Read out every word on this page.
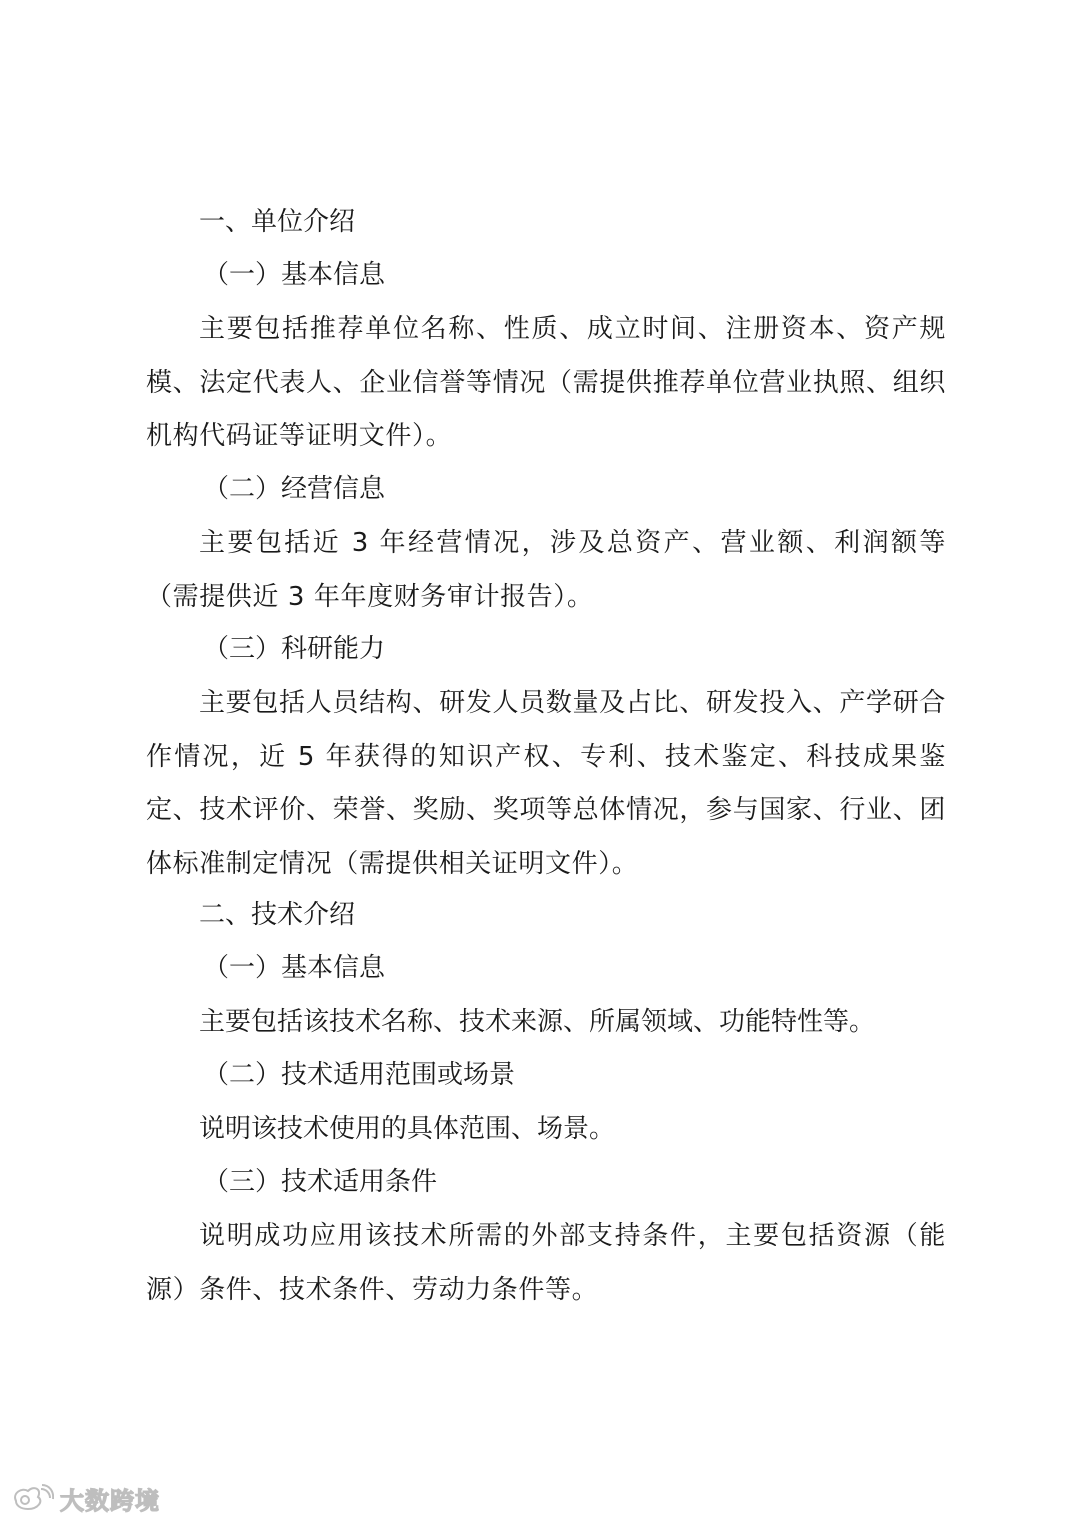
一、单位介绍
（一）基本信息
主要包括推荐单位名称、性质、成立时间、注册资本、资产规模、法定代表人、企业信誉等情况（需提供推荐单位营业执照、组织机构代码证等证明文件）。
（二）经营信息
主要包括近 3 年经营情况，涉及总资产、营业额、利润额等（需提供近 3 年年度财务审计报告）。
（三）科研能力
主要包括人员结构、研发人员数量及占比、研发投入、产学研合作情况，近 5 年获得的知识产权、专利、技术鉴定、科技成果鉴定、技术评价、荣誉、奖励、奖项等总体情况，参与国家、行业、团体标准制定情况（需提供相关证明文件）。
二、技术介绍
（一）基本信息
主要包括该技术名称、技术来源、所属领域、功能特性等。
（二）技术适用范围或场景
说明该技术使用的具体范围、场景。
（三）技术适用条件
说明成功应用该技术所需的外部支持条件，主要包括资源（能源）条件、技术条件、劳动力条件等。
大数跨境
